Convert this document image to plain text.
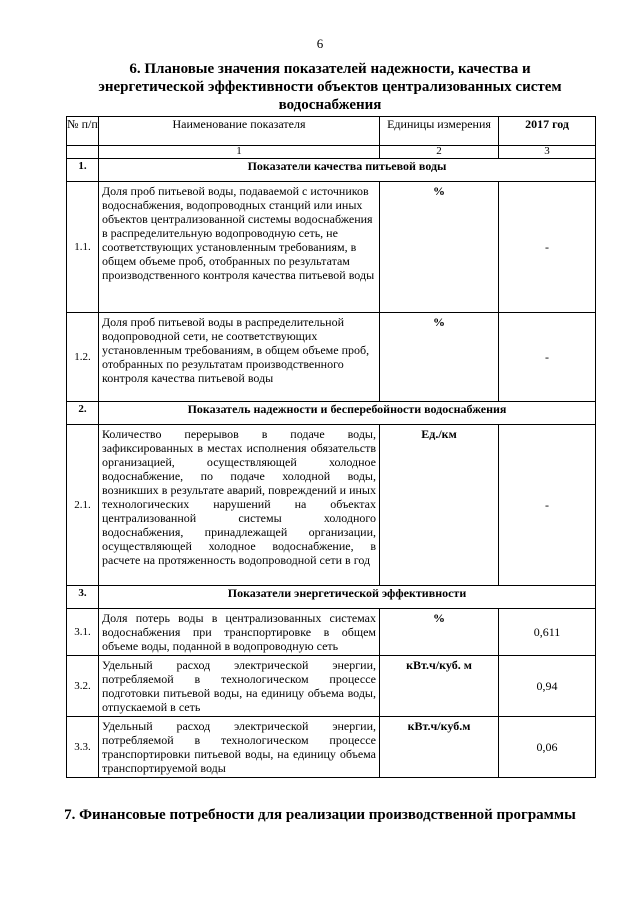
6
6. Плановые значения показателей надежности, качества и энергетической эффективности объектов централизованных систем водоснабжения
№ п/п	Наименование показателя	Единицы измерения	2017 год
	1	2	3
1.	Показатели качества питьевой воды		
1.1.	Доля проб питьевой воды, подаваемой с источников водоснабжения, водопроводных станций или иных объектов централизованной системы водоснабжения в распределительную водопроводную сеть, не соответствующих установленным требованиям, в общем объеме проб, отобранных по результатам производственного контроля качества питьевой воды	%	-
1.2.	Доля проб питьевой воды в распределительной водопроводной сети, не соответствующих установленным требованиям, в общем объеме проб, отобранных по результатам производственного контроля качества питьевой воды	%	-
2.	Показатель надежности и бесперебойности водоснабжения		
2.1.	Количество перерывов в подаче воды, зафиксированных в местах исполнения обязательств организацией, осуществляющей холодное водоснабжение, по подаче холодной воды, возникших в результате аварий, повреждений и иных технологических нарушений на объектах централизованной системы холодного водоснабжения, принадлежащей организации, осуществляющей холодное водоснабжение, в расчете на протяженность водопроводной сети в год	Ед./км	-
3.	Показатели энергетической эффективности		
3.1.	Доля потерь воды в централизованных системах водоснабжения при транспортировке в общем объеме воды, поданной в водопроводную сеть	%	0,611
3.2.	Удельный расход электрической энергии, потребляемой в технологическом процессе подготовки питьевой воды, на единицу объема воды, отпускаемой в сеть	кВт.ч/куб. м	0,94
3.3.	Удельный расход электрической энергии, потребляемой в технологическом процессе транспортировки питьевой воды, на единицу объема транспортируемой воды	кВт.ч/куб.м	0,06
7. Финансовые потребности для реализации производственной программы
